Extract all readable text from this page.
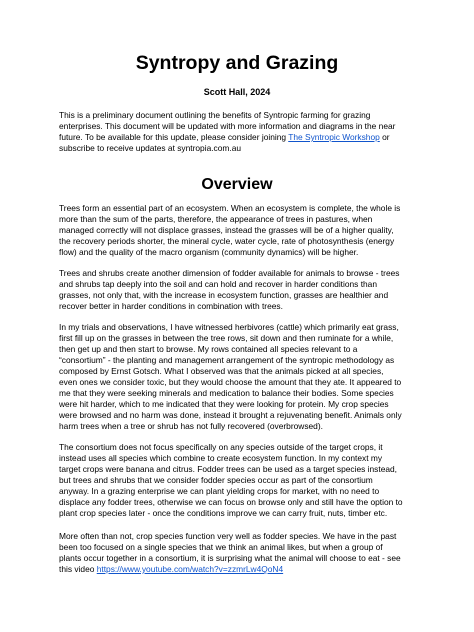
Syntropy and Grazing
Scott Hall, 2024
This is a preliminary document outlining the benefits of Syntropic farming for grazing
enterprises. This document will be updated with more information and diagrams in the near
future. To be available for this update, please consider joining The Syntropic Workshop or
subscribe to receive updates at syntropia.com.au
Overview
Trees form an essential part of an ecosystem. When an ecosystem is complete, the whole is
more than the sum of the parts, therefore, the appearance of trees in pastures, when
managed correctly will not displace grasses, instead the grasses will be of a higher quality,
the recovery periods shorter, the mineral cycle, water cycle, rate of photosynthesis (energy
flow) and the quality of the macro organism (community dynamics) will be higher.
Trees and shrubs create another dimension of fodder available for animals to browse - trees
and shrubs tap deeply into the soil and can hold and recover in harder conditions than
grasses, not only that, with the increase in ecosystem function, grasses are healthier and
recover better in harder conditions in combination with trees.
In my trials and observations, I have witnessed herbivores (cattle) which primarily eat grass,
first fill up on the grasses in between the tree rows, sit down and then ruminate for a while,
then get up and then start to browse. My rows contained all species relevant to a
“consortium” - the planting and management arrangement of the syntropic methodology as
composed by Ernst Gotsch. What I observed was that the animals picked at all species,
even ones we consider toxic, but they would choose the amount that they ate. It appeared to
me that they were seeking minerals and medication to balance their bodies. Some species
were hit harder, which to me indicated that they were looking for protein. My crop species
were browsed and no harm was done, instead it brought a rejuvenating benefit. Animals only
harm trees when a tree or shrub has not fully recovered (overbrowsed).
The consortium does not focus specifically on any species outside of the target crops, it
instead uses all species which combine to create ecosystem function. In my context my
target crops were banana and citrus. Fodder trees can be used as a target species instead,
but trees and shrubs that we consider fodder species occur as part of the consortium
anyway. In a grazing enterprise we can plant yielding crops for market, with no need to
displace any fodder trees, otherwise we can focus on browse only and still have the option to
plant crop species later - once the conditions improve we can carry fruit, nuts, timber etc.
More often than not, crop species function very well as fodder species. We have in the past
been too focused on a single species that we think an animal likes, but when a group of
plants occur together in a consortium, it is surprising what the animal will choose to eat - see
this video https://www.youtube.com/watch?v=zzmrLw4QoN4
